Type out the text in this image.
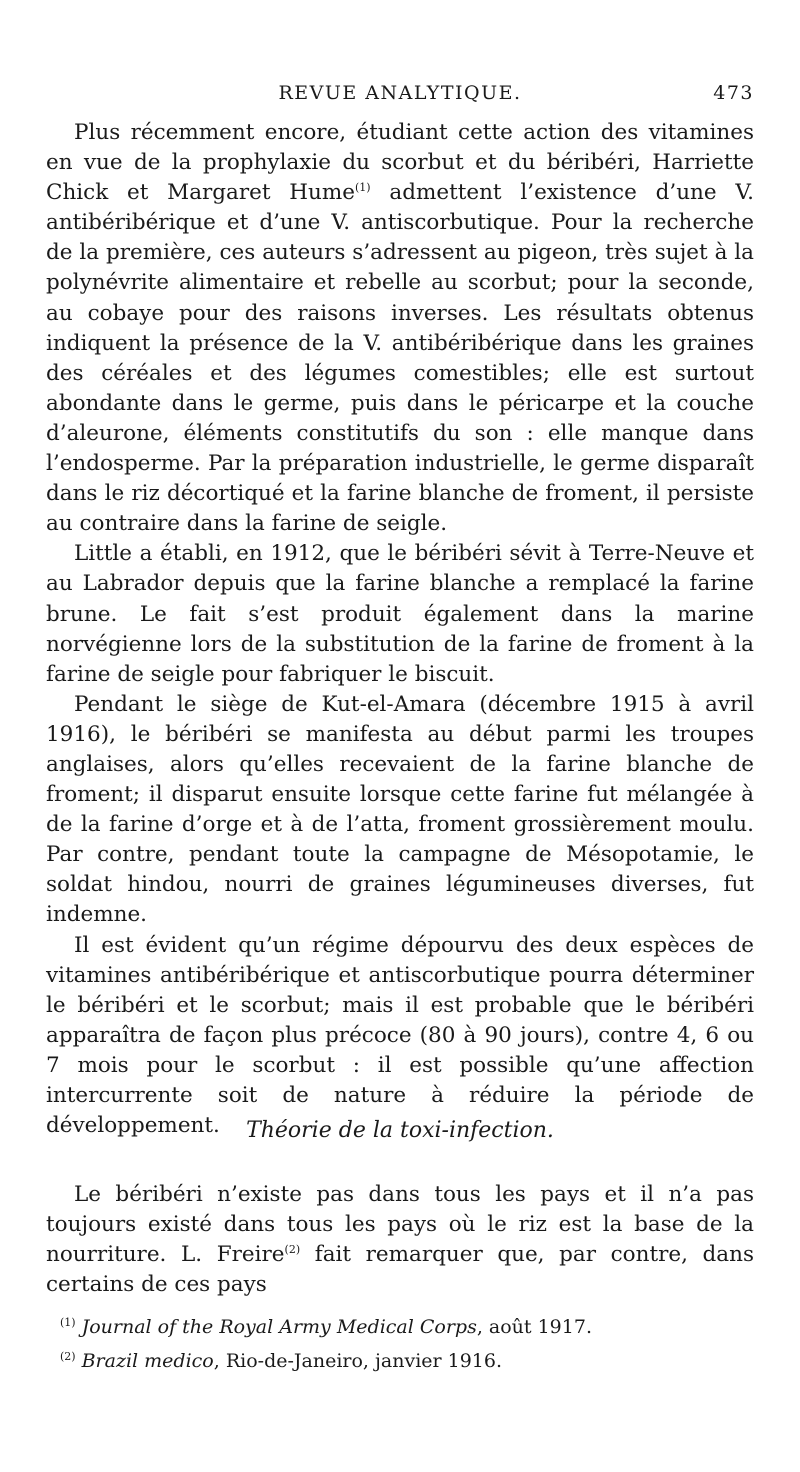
REVUE ANALYTIQUE.	473

Plus récemment encore, étudiant cette action des vitamines en vue de la prophylaxie du scorbut et du béribéri, Harriette Chick et Margaret Hume$^{(1)}$ admettent l’existence d’une V. antibéribérique et d’une V. antiscorbutique. Pour la recherche de la première, ces auteurs s’adressent au pigeon, très sujet à la polynévrite alimentaire et rebelle au scorbut; pour la seconde, au cobaye pour des raisons inverses. Les résultats obtenus indiquent la présence de la V. antibéribérique dans les graines des céréales et des légumes comestibles; elle est surtout abondante dans le germe, puis dans le péricarpe et la couche d’aleurone, éléments constitutifs du son : elle manque dans l’endosperme. Par la préparation industrielle, le germe disparaît dans le riz décortiqué et la farine blanche de froment, il persiste au contraire dans la farine de seigle.

Little a établi, en 1912, que le béribéri sévit à Terre-Neuve et au Labrador depuis que la farine blanche a remplacé la farine brune. Le fait s’est produit également dans la marine norvégienne lors de la substitution de la farine de froment à la farine de seigle pour fabriquer le biscuit.

Pendant le siège de Kut-el-Amara (décembre 1915 à avril 1916), le béribéri se manifesta au début parmi les troupes anglaises, alors qu’elles recevaient de la farine blanche de froment; il disparut ensuite lorsque cette farine fut mélangée à de la farine d’orge et à de l’atta, froment grossièrement moulu. Par contre, pendant toute la campagne de Mésopotamie, le soldat hindou, nourri de graines légumineuses diverses, fut indemne.

Il est évident qu’un régime dépourvu des deux espèces de vitamines antibéribérique et antiscorbutique pourra déterminer le béribéri et le scorbut; mais il est probable que le béribéri apparaîtra de façon plus précoce (80 à 90 jours), contre 4, 6 ou 7 mois pour le scorbut : il est possible qu’une affection intercurrente soit de nature à réduire la période de développement.	Théorie de la toxi-infection.

Le béribéri n’existe pas dans tous les pays et il n’a pas toujours existé dans tous les pays où le riz est la base de la nourriture. L. Freire$^{(2)}$ fait remarquer que, par contre, dans certains de ces pays

$^{(1)}$ Journal of the Royal Army Medical Corps, août 1917.

$^{(2)}$ Brazil medico, Rio-de-Janeiro, janvier 1916.
